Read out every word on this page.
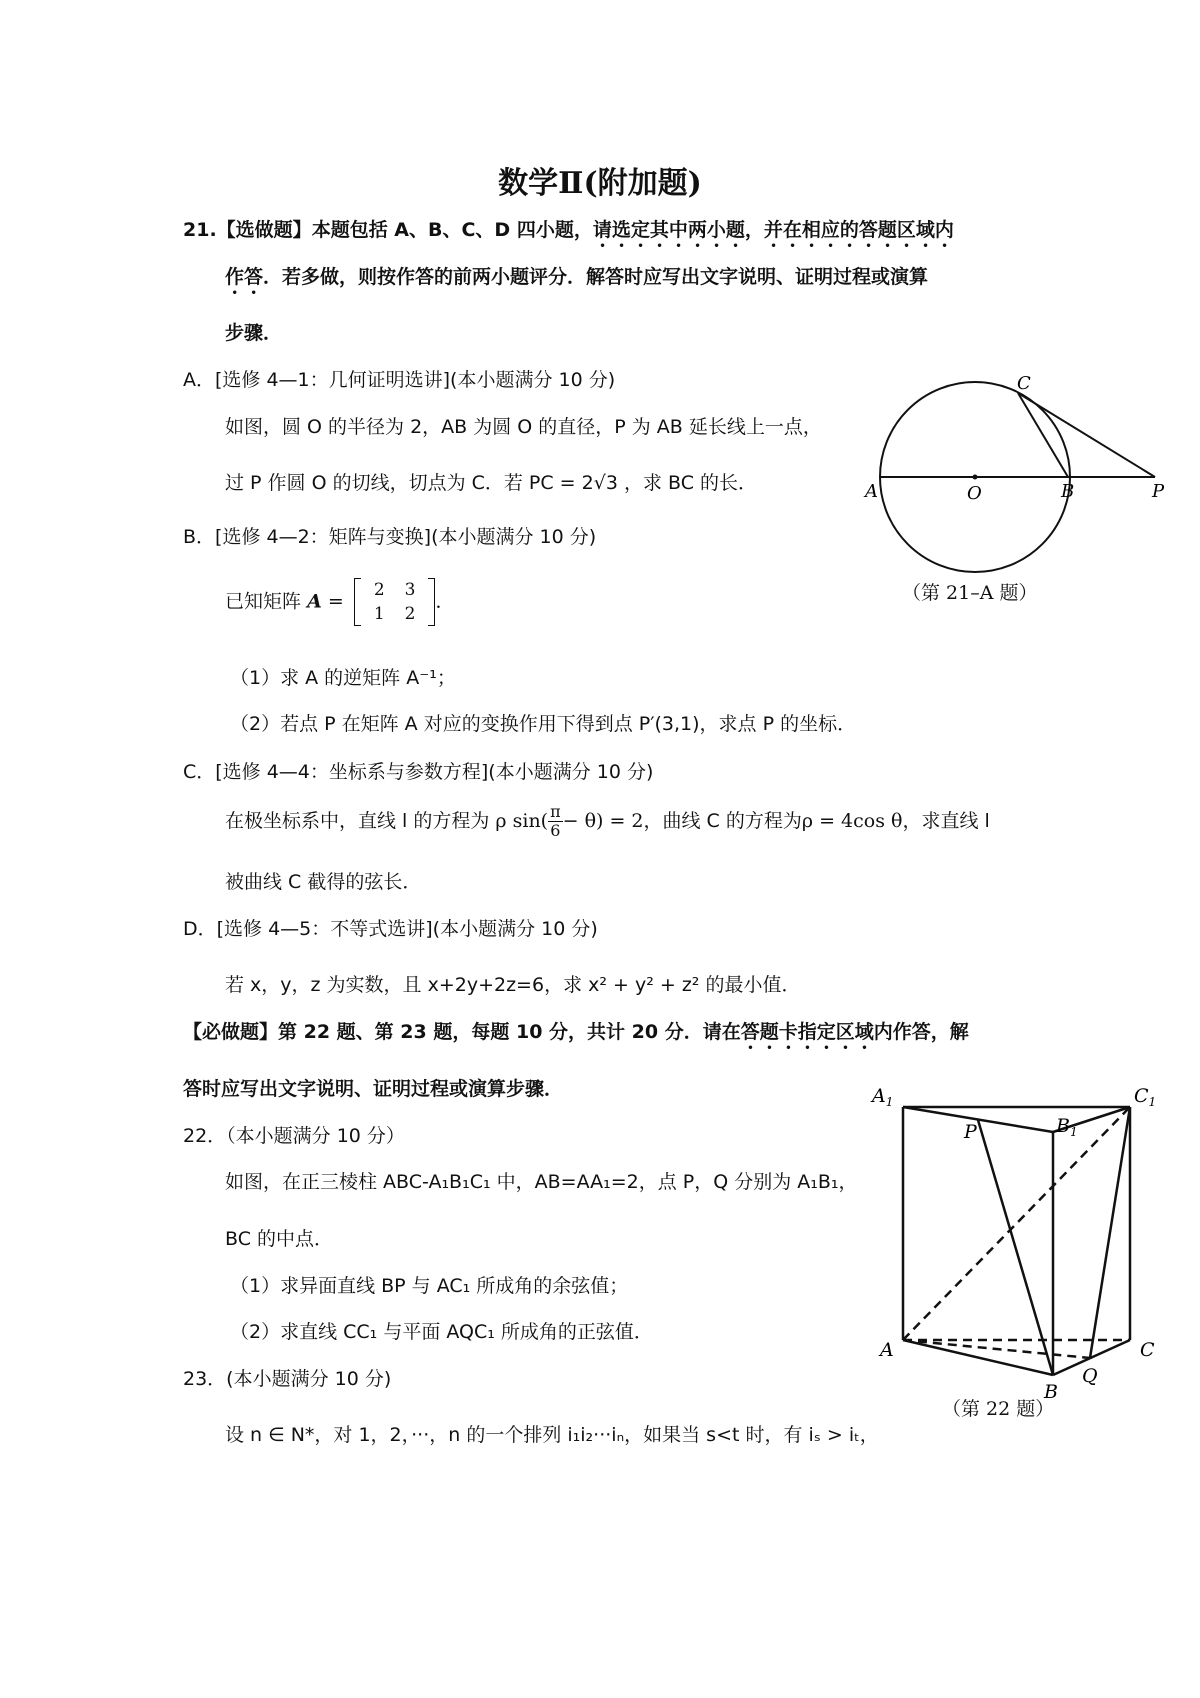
数学Ⅱ(附加题)
21.【选做题】本题包括 A、B、C、D 四小题，请选定其中两小题，并在相应的答题区域内
作答．若多做，则按作答的前两小题评分．解答时应写出文字说明、证明过程或演算
步骤．
A．[选修 4—1：几何证明选讲](本小题满分 10 分)
如图，圆 O 的半径为 2，AB 为圆 O 的直径，P 为 AB 延长线上一点，
过 P 作圆 O 的切线，切点为 C．若 PC = 2√3 ，求 BC 的长．
C
A	O	B	P
（第 21–A 题）
B．[选修 4—2：矩阵与变换](本小题满分 10 分)
已知矩阵 A =
2	3
1	2
．
（1）求 A 的逆矩阵 A⁻¹；
（2）若点 P 在矩阵 A 对应的变换作用下得到点 P′(3,1)，求点 P 的坐标．
C．[选修 4—4：坐标系与参数方程](本小题满分 10 分)
在极坐标系中，直线 l 的方程为 ρ $\sin( \frac{\pi}{6} - \theta) = 2$，曲线 C 的方程为ρ = 4cos θ，求直线 l
被曲线 C 截得的弦长．
D．[选修 4—5：不等式选讲](本小题满分 10 分)
若 x，y，z 为实数，且 x+2y+2z=6，求 x² + y² + z² 的最小值．
【必做题】第 22 题、第 23 题，每题 10 分，共计 20 分．请在答题卡指定区域内作答，解
答时应写出文字说明、证明过程或演算步骤．
22．（本小题满分 10 分）
如图，在正三棱柱 ABC-A₁B₁C₁ 中，AB=AA₁=2，点 P，Q 分别为 A₁B₁，
BC 的中点．
（1）求异面直线 BP 与 AC₁ 所成角的余弦值；
（2）求直线 CC₁ 与平面 AQC₁ 所成角的正弦值．
$A_1$	$C_1$
P	$B_1$
A
Q
C
B
（第 22 题）
23．(本小题满分 10 分)
设 n ∈ N*，对 1，2，···，n 的一个排列 i₁i₂···iₙ，如果当 s<t 时，有 iₛ > iₜ，
